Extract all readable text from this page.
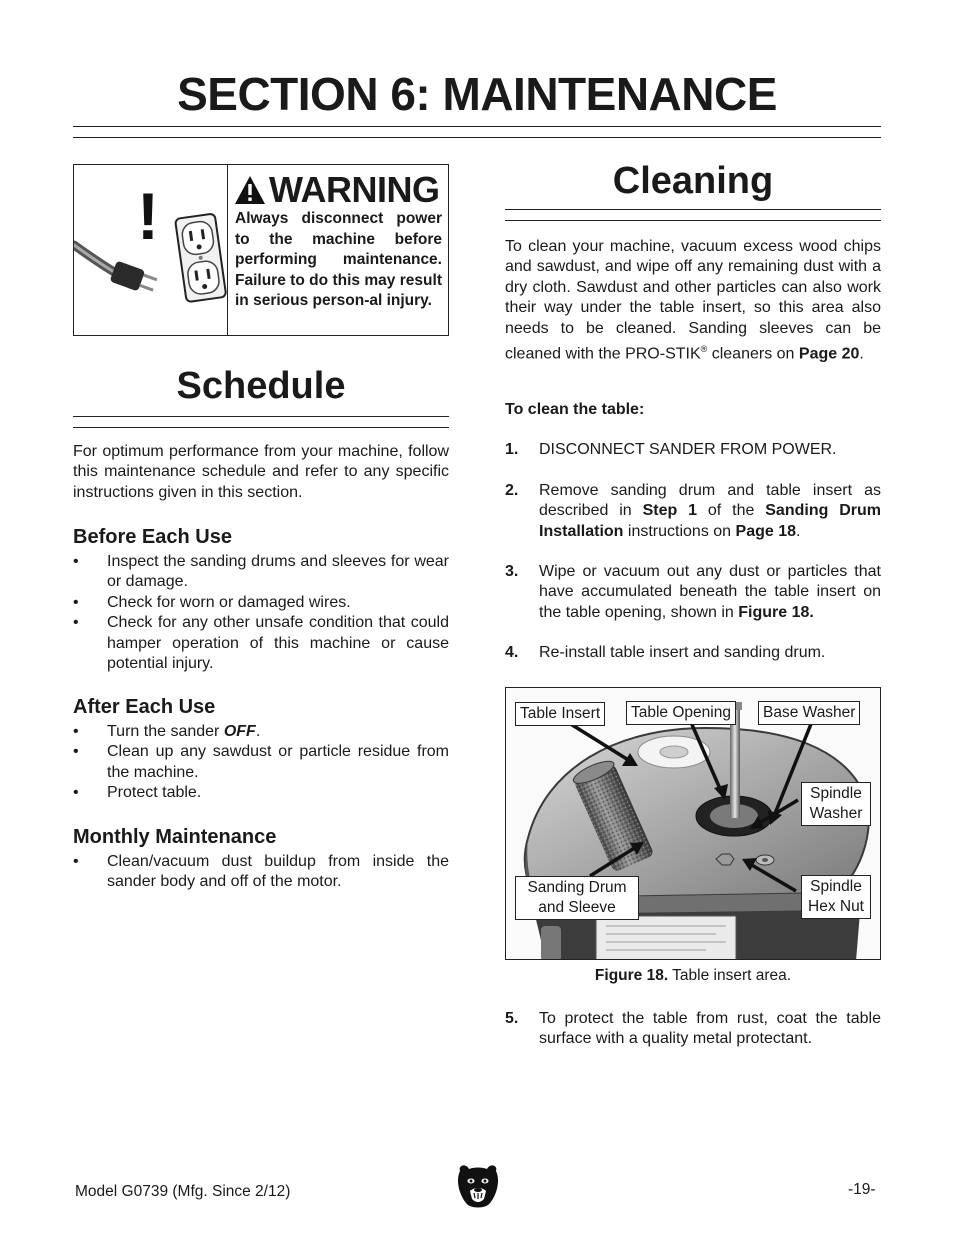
SECTION 6: MAINTENANCE
!	WARNING
Always disconnect power to the machine before performing maintenance. Failure to do this may result in serious person-al injury.
Schedule
For optimum performance from your machine, follow this maintenance schedule and refer to any specific instructions given in this section.
Before Each Use
• Inspect the sanding drums and sleeves for wear or damage.
• Check for worn or damaged wires.
• Check for any other unsafe condition that could hamper operation of this machine or cause potential injury.
After Each Use
• Turn the sander OFF.
• Clean up any sawdust or particle residue from the machine.
• Protect table.
Monthly Maintenance
• Clean/vacuum dust buildup from inside the sander body and off of the motor.
Cleaning
To clean your machine, vacuum excess wood chips and sawdust, and wipe off any remaining dust with a dry cloth. Sawdust and other particles can also work their way under the table insert, so this area also needs to be cleaned. Sanding sleeves can be cleaned with the PRO-STIK® cleaners on Page 20.
To clean the table:
1. DISCONNECT SANDER FROM POWER.
2. Remove sanding drum and table insert as described in Step 1 of the Sanding Drum Installation instructions on Page 18.
3. Wipe or vacuum out any dust or particles that have accumulated beneath the table insert on the table opening, shown in Figure 18.
4. Re-install table insert and sanding drum.
Table Insert	Table Opening	Base Washer
Spindle Washer
Sanding Drum and Sleeve
Spindle Hex Nut
Figure 18. Table insert area.
5. To protect the table from rust, coat the table surface with a quality metal protectant.
Model G0739 (Mfg. Since 2/12)	-19-
